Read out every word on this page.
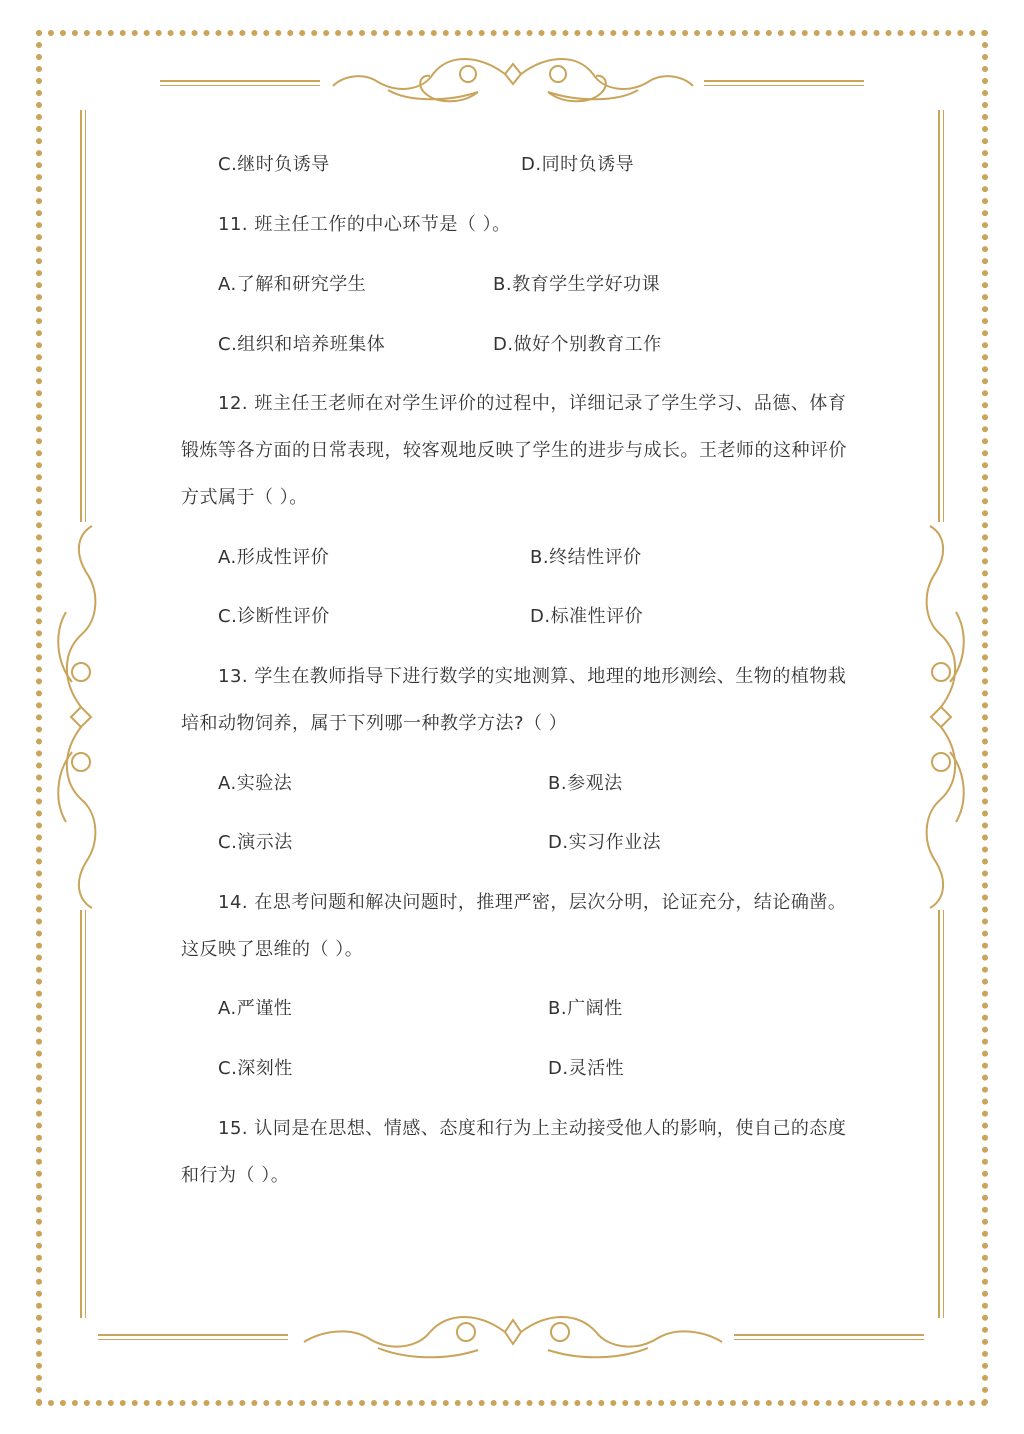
C.继时负诱导	D.同时负诱导
11. 班主任工作的中心环节是（ ）。
A.了解和研究学生	B.教育学生学好功课
C.组织和培养班集体	D.做好个别教育工作
12. 班主任王老师在对学生评价的过程中，详细记录了学生学习、品德、体育
锻炼等各方面的日常表现，较客观地反映了学生的进步与成长。王老师的这种评价
方式属于（ ）。
A.形成性评价	B.终结性评价
C.诊断性评价	D.标准性评价
13. 学生在教师指导下进行数学的实地测算、地理的地形测绘、生物的植物栽
培和动物饲养，属于下列哪一种教学方法?（ ）
A.实验法	B.参观法
C.演示法	D.实习作业法
14. 在思考问题和解决问题时，推理严密，层次分明，论证充分，结论确凿。
这反映了思维的（ ）。
A.严谨性	B.广阔性
C.深刻性	D.灵活性
15. 认同是在思想、情感、态度和行为上主动接受他人的影响，使自己的态度
和行为（ ）。
